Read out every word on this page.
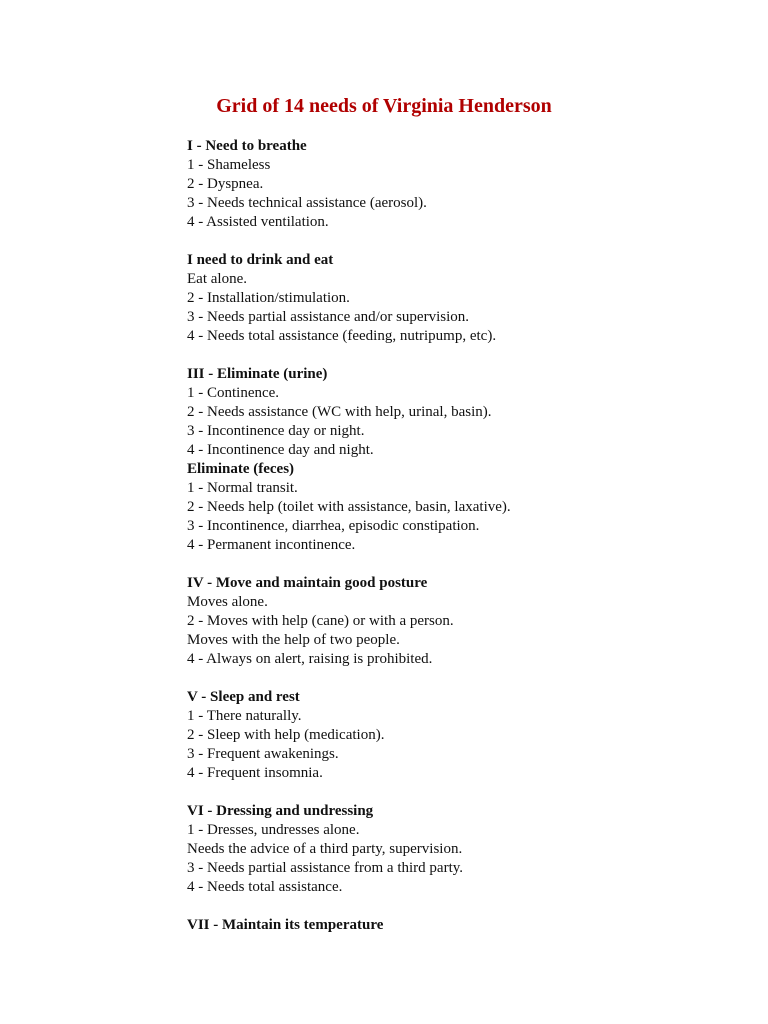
Grid of 14 needs of Virginia Henderson
I - Need to breathe
1 - Shameless
2 - Dyspnea.
3 - Needs technical assistance (aerosol).
4 - Assisted ventilation.
I need to drink and eat
Eat alone.
2 - Installation/stimulation.
3 - Needs partial assistance and/or supervision.
4 - Needs total assistance (feeding, nutripump, etc).
III - Eliminate (urine)
1 - Continence.
2 - Needs assistance (WC with help, urinal, basin).
3 - Incontinence day or night.
4 - Incontinence day and night.
Eliminate (feces)
1 - Normal transit.
2 - Needs help (toilet with assistance, basin, laxative).
3 - Incontinence, diarrhea, episodic constipation.
4 - Permanent incontinence.
IV - Move and maintain good posture
Moves alone.
2 - Moves with help (cane) or with a person.
Moves with the help of two people.
4 - Always on alert, raising is prohibited.
V - Sleep and rest
1 - There naturally.
2 - Sleep with help (medication).
3 - Frequent awakenings.
4 - Frequent insomnia.
VI - Dressing and undressing
1 - Dresses, undresses alone.
Needs the advice of a third party, supervision.
3 - Needs partial assistance from a third party.
4 - Needs total assistance.
VII - Maintain its temperature
